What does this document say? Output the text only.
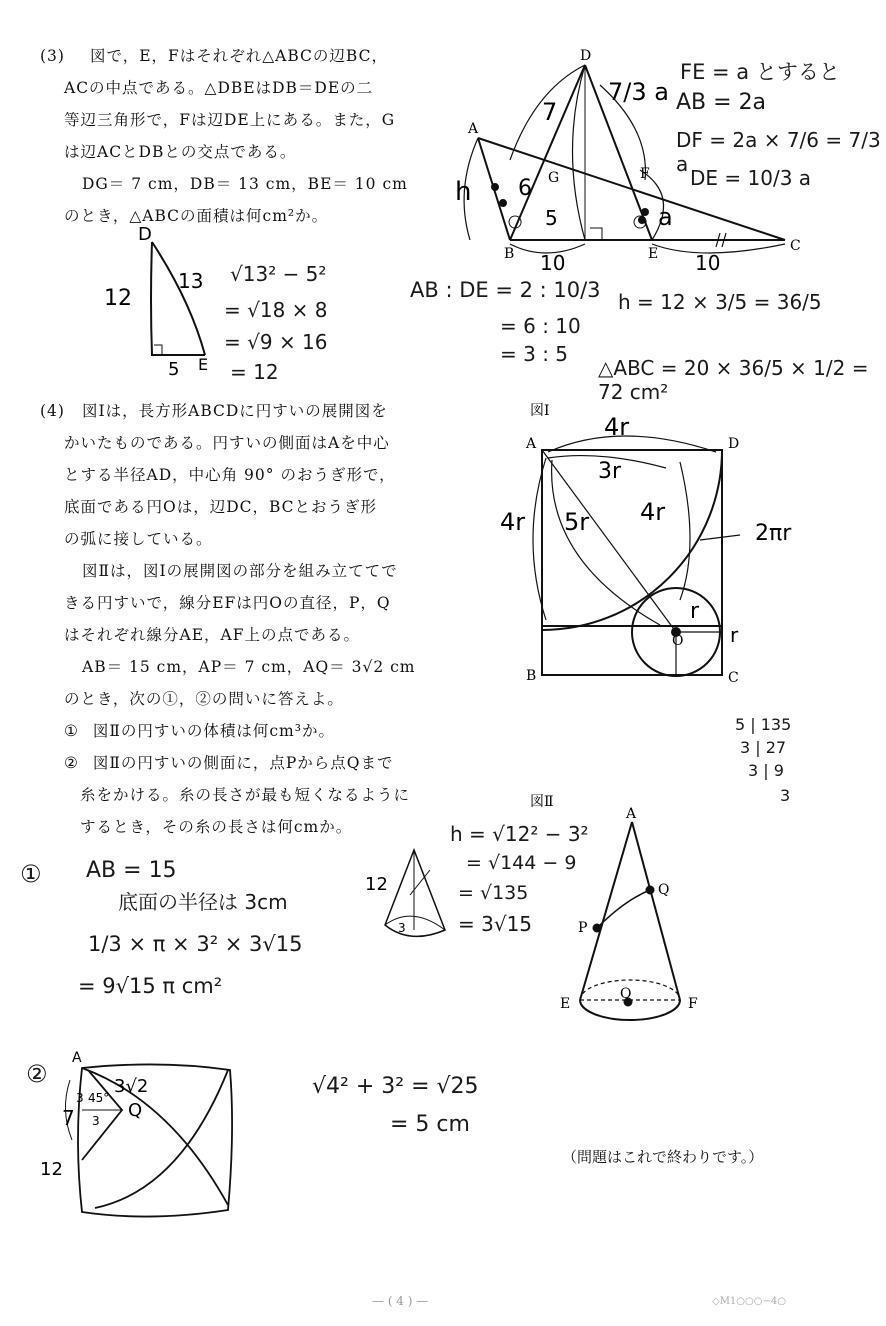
(3) 図で，E，Fはそれぞれ△ABCの辺BC，
ACの中点である。△DBEはDB＝DEの二
等辺三角形で，Fは辺DE上にある。また，G
は辺ACとDBとの交点である。
DG＝ 7 cm，DB＝ 13 cm，BE＝ 10 cm
のとき，△ABCの面積は何cm²か。
(4) 図Ⅰは，長方形ABCDに円すいの展開図を
かいたものである。円すいの側面はAを中心
とする半径AD，中心角 90° のおうぎ形で，
底面である円Oは，辺DC，BCとおうぎ形
の弧に接している。
図Ⅱは，図Ⅰの展開図の部分を組み立ててで
きる円すいで，線分EFは円Oの直径，P，Q
はそれぞれ線分AE，AF上の点である。
AB＝ 15 cm，AP＝ 7 cm，AQ＝ 3√2 cm
のとき，次の①，②の問いに答えよ。
① 図Ⅱの円すいの体積は何cm³か。
② 図Ⅱの円すいの側面に，点Pから点Qまで
糸をかける。糸の長さが最も短くなるように
するとき，その糸の長さは何cmか。
D
A
B	C
E
F
G
h 6
5	a
7
7/3 a
10	10
D
12
13
5 E
図Ⅰ
A	D
B	C
O
4r
3r
4r 5r 4r
2πr
r
r
図Ⅱ
A
Q
P
E	F
O
12
3
A
3√2
Q
7
12
3 45°
3
FE = a とすると
AB = 2a
DF = 2a × 7/6 = 7/3 a
DE = 10/3 a
√13² − 5²
= √18 × 8
= √9 × 16
= 12
AB : DE = 2 : 10/3
= 6 : 10
= 3 : 5
h = 12 × 3/5 = 36/5
△ABC = 20 × 36/5 × 1/2 = 72 cm²
5 | 135
3 | 27
3 | 9
3
① AB = 15
底面の半径は 3cm
1/3 × π × 3² × 3√15
= 9√15 π cm²
h = √12² − 3²
= √144 − 9
= √135
= 3√15
②	√4² + 3² = √25
= 5 cm
（問題はこれで終わりです。）
— ( 4 ) —	◇M1○○○−4○
